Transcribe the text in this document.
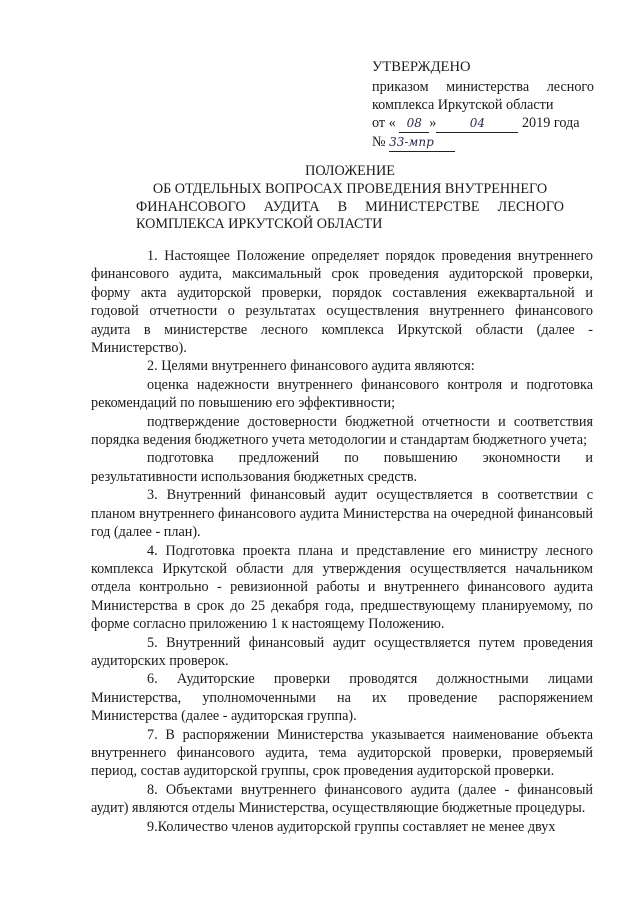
УТВЕРЖДЕНО
приказом министерства лесного
комплекса Иркутской области
от « 08 »	04	2019 года
№ 33-мпр
ПОЛОЖЕНИЕ
ОБ ОТДЕЛЬНЫХ ВОПРОСАХ ПРОВЕДЕНИЯ ВНУТРЕННЕГО
ФИНАНСОВОГО АУДИТА В МИНИСТЕРСТВЕ ЛЕСНОГО
КОМПЛЕКСА ИРКУТСКОЙ ОБЛАСТИ

1. Настоящее Положение определяет порядок проведения внутреннего финансового аудита, максимальный срок проведения аудиторской проверки, форму акта аудиторской проверки, порядок составления ежеквартальной и годовой отчетности о результатах осуществления внутреннего финансового аудита в министерстве лесного комплекса Иркутской области (далее - Министерство).

2. Целями внутреннего финансового аудита являются:

оценка надежности внутреннего финансового контроля и подготовка рекомендаций по повышению его эффективности;

подтверждение достоверности бюджетной отчетности и соответствия порядка ведения бюджетного учета методологии и стандартам бюджетного учета;

подготовка предложений по повышению экономности и результативности использования бюджетных средств.

3. Внутренний финансовый аудит осуществляется в соответствии с планом внутреннего финансового аудита Министерства на очередной финансовый год (далее - план).

4. Подготовка проекта плана и представление его министру лесного комплекса Иркутской области для утверждения осуществляется начальником отдела контрольно - ревизионной работы и внутреннего финансового аудита Министерства в срок до 25 декабря года, предшествующему планируемому, по форме согласно приложению 1 к настоящему Положению.

5. Внутренний финансовый аудит осуществляется путем проведения аудиторских проверок.

6. Аудиторские проверки проводятся должностными лицами Министерства, уполномоченными на их проведение распоряжением Министерства (далее - аудиторская группа).

7. В распоряжении Министерства указывается наименование объекта внутреннего финансового аудита, тема аудиторской проверки, проверяемый период, состав аудиторской группы, срок проведения аудиторской проверки.

8. Объектами внутреннего финансового аудита (далее - финансовый аудит) являются отделы Министерства, осуществляющие бюджетные процедуры.

9.Количество членов аудиторской группы составляет не менее двух
